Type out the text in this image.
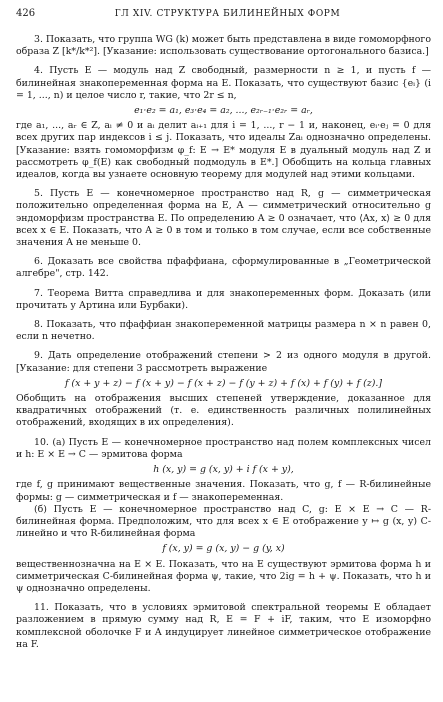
426	ГЛ XIV. СТРУКТУРА БИЛИНЕЙНЫХ ФОРМ

3. Показать, что группа WG (k) может быть представлена в виде гомоморфного образа Z [k*/k*²]. [Указание: использовать существование ортогонального базиса.]

4. Пусть E — модуль над Z свободный, размерности n ≥ 1, и пусть f — билинейная знакопеременная форма на E. Показать, что существуют базис {eᵢ} (i = 1, ..., n) и целое число r, такие, что 2r ≤ n,

e₁·e₂ = a₁, e₃·e₄ = a₂, ..., e₂ᵣ₋₁·e₂ᵣ = aᵣ,

где a₁, ..., aᵣ ∈ Z, aᵢ ≠ 0 и aᵢ делит aᵢ₊₁ для i = 1, ..., r − 1 и, наконец, eᵢ·eⱼ = 0 для всех других пар индексов i ≤ j. Показать, что идеалы Zaᵢ однозначно определены. [Указание: взять гомоморфизм φ_f: E → E* модуля E в дуальный модуль над Z и рассмотреть φ_f(E) как свободный подмодуль в E*.] Обобщить на кольца главных идеалов, когда вы узнаете основную теорему для модулей над этими кольцами.

5. Пусть E — конечномерное пространство над R, g — симметрическая положительно определенная форма на E, A — симметрический относительно g эндоморфизм пространства E. По определению A ≥ 0 означает, что ⟨Ax, x⟩ ≥ 0 для всех x ∈ E. Показать, что A ≥ 0 в том и только в том случае, если все собственные значения A не меньше 0.

6. Доказать все свойства пфаффиана, сформулированные в „Геометрической алгебре", стр. 142.

7. Теорема Витта справедлива и для знакопеременных форм. Доказать (или прочитать у Артина или Бурбаки).

8. Показать, что пфаффиан знакопеременной матрицы размера n × n равен 0, если n нечетно.

9. Дать определение отображений степени > 2 из одного модуля в другой. [Указание: для степени 3 рассмотреть выражение

f (x + y + z) − f (x + y) − f (x + z) − f (y + z) + f (x) + f (y) + f (z).]

Обобщить на отображения высших степеней утверждение, доказанное для квадратичных отображений (т. е. единственность различных полилинейных отображений, входящих в их определения).

10. (а) Пусть E — конечномерное пространство над полем комплексных чисел и h: E × E → C — эрмитова форма

h (x, y) = g (x, y) + i f (x + y),

где f, g принимают вещественные значения. Показать, что g, f — R-билинейные формы: g — симметрическая и f — знакопеременная.

(б) Пусть E — конечномерное пространство над C, g: E × E → C — R-билинейная форма. Предположим, что для всех x ∈ E отображение y ↦ g (x, y) C-линейно и что R-билинейная форма

f (x, y) = g (x, y) − g (y, x)

вещественнозначна на E × E. Показать, что на E существуют эрмитова форма h и симметрическая C-билинейная форма ψ, такие, что 2ig = h + ψ. Показать, что h и ψ однозначно определены.

11. Показать, что в условиях эрмитовой спектральной теоремы E обладает разложением в прямую сумму над R, E = F + iF, таким, что E изоморфно комплексной оболочке F и A индуцирует линейное симметрическое отображение на F.
